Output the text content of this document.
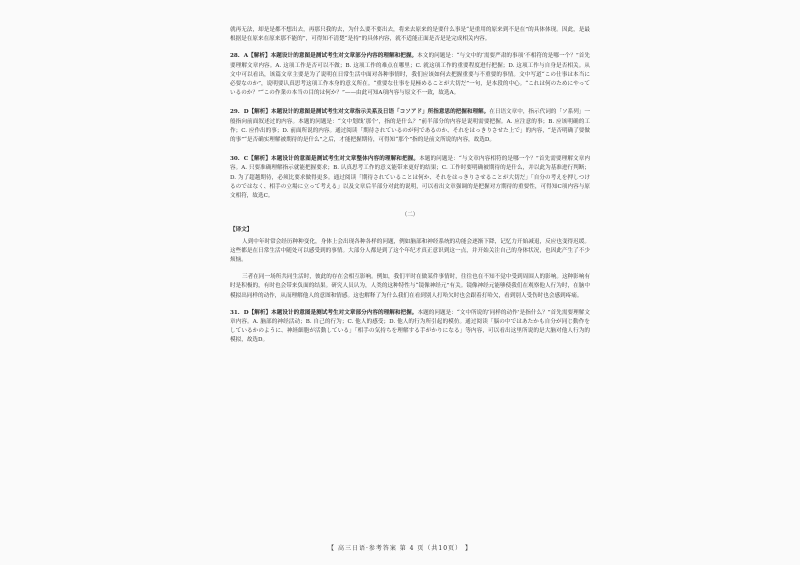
就再无法，却是是都不想出去，再那只我的去，为什么要不要出去，将来去原来的是要什么事是“是重用的原来到不是在”的具体体现。因此，是最根据是在原来在原来那不能的”，可得知不清楚“是持”的具体内容，就不适能正面是否是是完成相关内容。

28. A【解析】本题设计的意图是测试考生对文章部分内容的理解和把握。本文的问题是：“与文中的‘需要严肃的事项’不相符的是哪一个？”首先要理解文章内容。A. 这项工作是否可以不做；B. 这项工作的难点在哪里；C. 就这项工作的重要程度进行把握；D. 这项工作与自身是否相关。从文中可以看出，该篇文章主要是为了说明在日常生活中面对各种事情时，我们应该如何去把握重要与不重要的事情。文中写道“この仕事は本当に必要なのか”，说明要认真思考这项工作本身的意义所在。“重要な仕事を見極めることが大切だ”一句，是本段的中心。“これは何のためにやっているのか？”“この作業の本当の目的は何か？”——由此可知A项内容与原文不一致，故选A。
29. D【解析】本题设计的意图是测试考生对文章指示关系及日语「コソアド」所指意思的把握和理解。在日语文章中，指示代词的「ソ系列」一般指向前面叙述过的内容。本题的问题是：“文中划线‘那个’，指的是什么？”前半部分的内容是说明需要把握。A. 应注意的事；B. 应该明确的工作；C. 应作出的事；D. 前面所说的内容。通过阅读「期待されているのが何であるのか、それをはっきりさせた上で」的内容，“是否明确了要做的事”“是否确实理解被期待的是什么”之后，才能把握期待，可得知“那个”指的是前文所说的内容，故选D。
30. C【解析】本题设计的意图是测试考生对文章整体内容的理解和把握。本题的问题是：“与文章内容相符的是哪一个？”首先需要理解文章内容。A. 只要准确理解指示就能把握要求；B. 认真思考工作的意义能带来更好的结果；C. 工作时要明确被期待的是什么，并以此为基准进行判断；D. 为了超越期待，必须比要求做得更多。通过阅读「期待されていることは何か、それをはっきりさせることが大切だ」「自分の考えを押しつけるのではなく、相手の立場に立って考える」以及文章后半部分对此的说明，可以看出文章强调的是把握对方期待的重要性，可得知C项内容与原文相符，故选C。
（二）
【译文】

人到中年时常会经历种种变化，身体上会出现各种各样的问题，例如脑部和神经系统的功能会逐渐下降，记忆力开始减退，反应也变得迟缓。这些都是在日常生活中随处可以感受到的事情。大部分人都是到了这个年纪才真正意识到这一点，并开始关注自己的身体状况，也因此产生了不少烦恼。

三者在同一场所共同生活时，彼此的存在会相互影响。例如，我们平时在做某件事情时，往往也在不知不觉中受到周围人的影响。这种影响有时是积极的，有时也会带来负面的结果。研究人员认为，人类的这种特性与“镜像神经元”有关。镜像神经元能够使我们在观察他人行为时，在脑中模拟出同样的动作，从而理解他人的意图和情感。这也解释了为什么我们在看到别人打哈欠时也会跟着打哈欠，看到别人受伤时也会感到疼痛。

31. D【解析】本题设计的意图是测试考生对文章部分内容的理解和把握。本题的问题是：“文中所说的‘同样的动作’是指什么？”首先需要理解文章内容。A. 脑部的神经活动；B. 自己的行为；C. 他人的感受；D. 他人的行为所引起的模仿。通过阅读「脳の中ではあたかも自分が同じ動作をしているかのように、神経細胞が活動している」「相手の気持ちを理解する手がかりになる」等内容，可以看出这里所说的是大脑对他人行为的模拟，故选D。
【 高三日语·参考答案 第 4 页（共10页） 】
